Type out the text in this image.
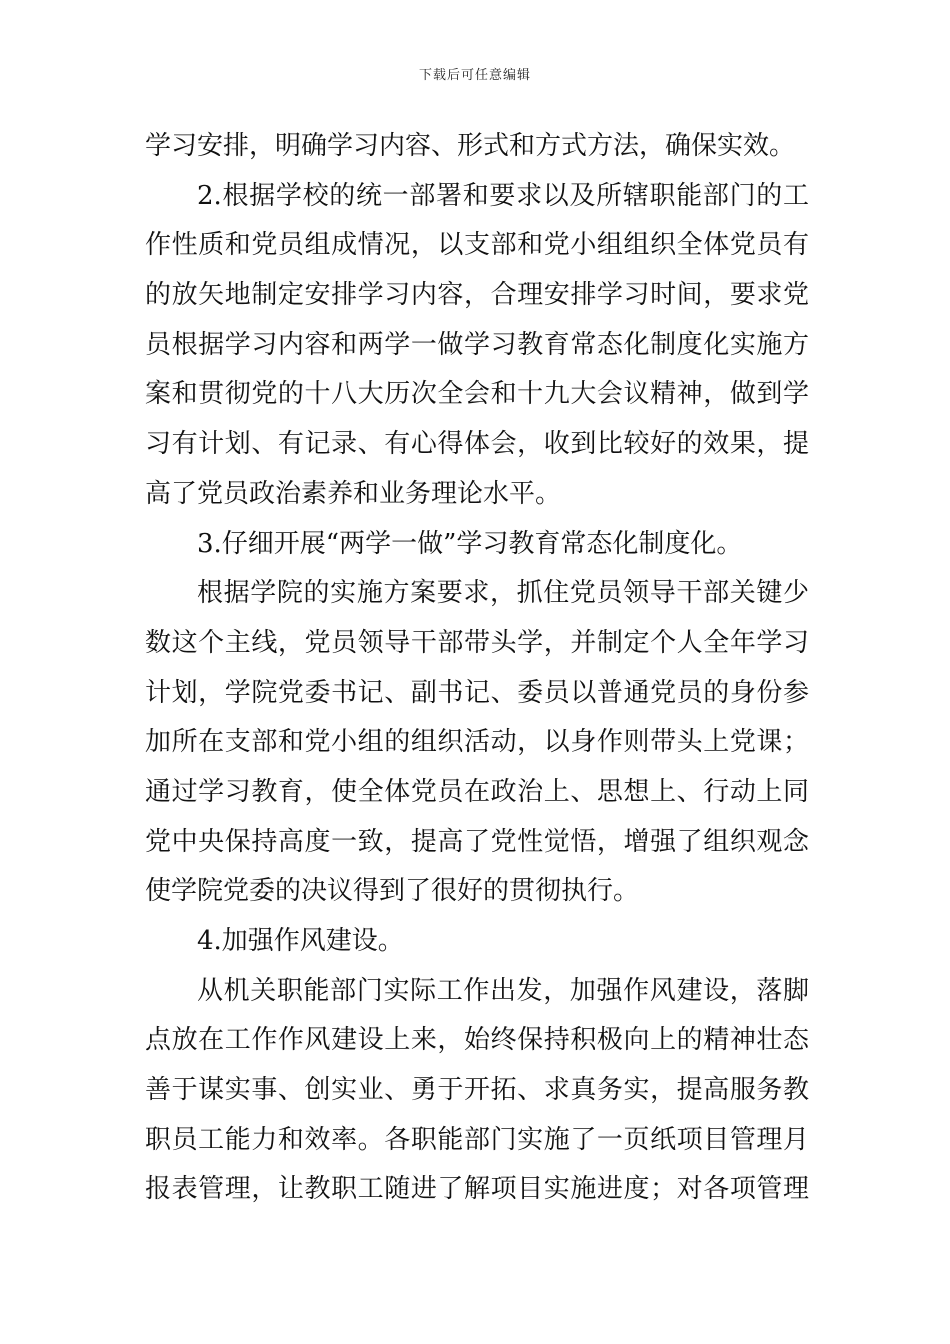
下载后可任意编辑
学习安排，明确学习内容、形式和方式方法，确保实效。
2.根据学校的统一部署和要求以及所辖职能部门的工
作性质和党员组成情况，以支部和党小组组织全体党员有
的放矢地制定安排学习内容，合理安排学习时间，要求党
员根据学习内容和两学一做学习教育常态化制度化实施方
案和贯彻党的十八大历次全会和十九大会议精神，做到学
习有计划、有记录、有心得体会，收到比较好的效果，提
高了党员政治素养和业务理论水平。
3.仔细开展“两学一做”学习教育常态化制度化。
根据学院的实施方案要求，抓住党员领导干部关键少
数这个主线，党员领导干部带头学，并制定个人全年学习
计划，学院党委书记、副书记、委员以普通党员的身份参
加所在支部和党小组的组织活动，以身作则带头上党课；
通过学习教育，使全体党员在政治上、思想上、行动上同
党中央保持高度一致，提高了党性觉悟，增强了组织观念
使学院党委的决议得到了很好的贯彻执行。
4.加强作风建设。
从机关职能部门实际工作出发，加强作风建设，落脚
点放在工作作风建设上来，始终保持积极向上的精神壮态
善于谋实事、创实业、勇于开拓、求真务实，提高服务教
职员工能力和效率。各职能部门实施了一页纸项目管理月
报表管理，让教职工随进了解项目实施进度；对各项管理
